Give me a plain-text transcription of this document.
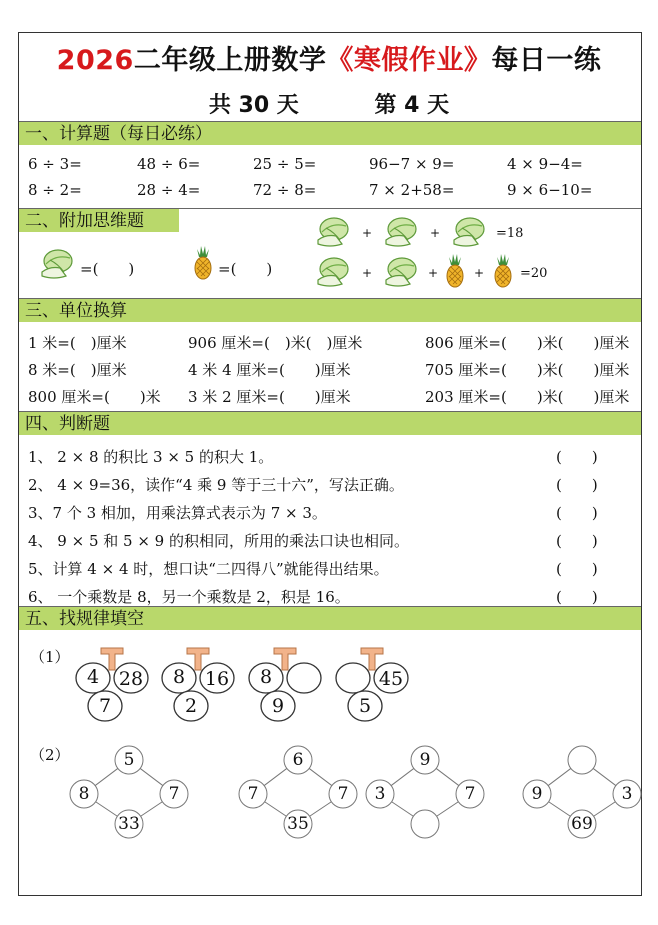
2026二年级上册数学《寒假作业》每日一练
共 30 天	第 4 天
一、计算题（每日必练）
6 ÷ 3=	48 ÷ 6=	25 ÷ 5=	96−7 × 9=	4 × 9−4=
8 ÷ 2=	28 ÷ 4=	72 ÷ 8=	7 × 2+58=	9 × 6−10=
二、附加思维题
=(　　)	=(　　)
+	+	=18
+	+	+	=20
三、单位换算
1 米=(　)厘米	906 厘米=(　)米(　)厘米	806 厘米=(　　)米(　　)厘米
8 米=(　)厘米	4 米 4 厘米=(　　)厘米	705 厘米=(　　)米(　　)厘米
800 厘米=(　　)米 3 米 2 厘米=(　　)厘米	203 厘米=(　　)米(　　)厘米
四、判断题
1、 2 × 8 的积比 3 × 5 的积大 1。	(　　)
2、 4 × 9=36，读作“4 乘 9 等于三十六”，写法正确。	(　　)
3、7 个 3 相加，用乘法算式表示为 7 × 3。	(　　)
4、 9 × 5 和 5 × 9 的积相同，所用的乘法口诀也相同。	(　　)
5、计算 4 × 4 时，想口诀“二四得八”就能得出结果。	(　　)
6、 一个乘数是 8，另一个乘数是 2，积是 16。	(　　)
五、找规律填空
（1）
（2）
4 28
7
8 16
2
8
9
45
5
5
8	7
33
6
7	7
35
9
3	7	9	3
69
